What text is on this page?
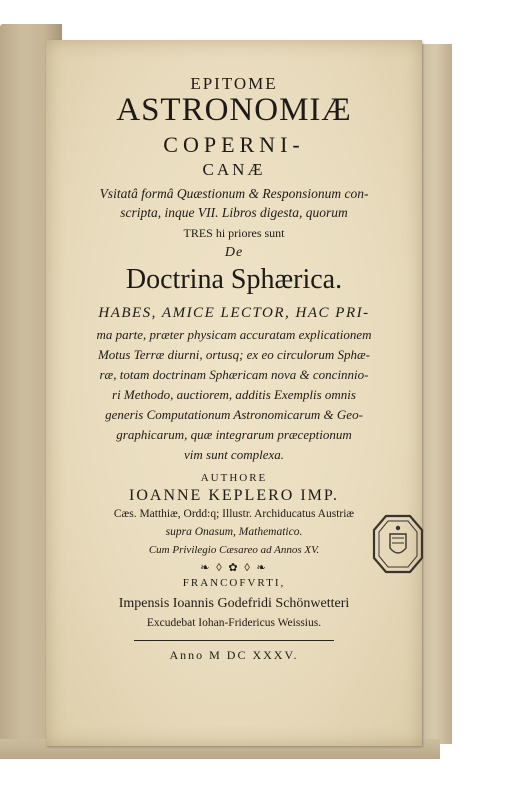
EPITOME
ASTRONOMIÆ
COPERNI-
CANÆ
Vsitatâ formâ Quæstionum & Responsionum con-
scripta, inque VII. Libros digesta, quorum
TRES hi priores sunt
De
Doctrina Sphærica.
HABES, AMICE LECTOR, HAC PRI-
ma parte, præter physicam accuratam explicationem
Motus Terræ diurni, ortusq; ex eo circulorum Sphæ-
ræ, totam doctrinam Sphæricam nova & concinnio-
ri Methodo, auctiorem, additis Exemplis omnis
generis Computationum Astronomicarum & Geo-
graphicarum, quæ integrarum præceptionum
vim sunt complexa.
AUTHORE
IOANNE KEPLERO IMP.
Cæs. Matthiæ, Ordd:q; Illustr. Archiducatus Austriæ
supra Onasum, Mathematico.
Cum Privilegio Cæsareo ad Annos XV.
❧ ◊ ✿ ◊ ❧
FRANCOFVRTI,
Impensis Ioannis Godefridi Schönwetteri
Excudebat Iohan-Fridericus Weissius.
Anno M DC XXXV.
